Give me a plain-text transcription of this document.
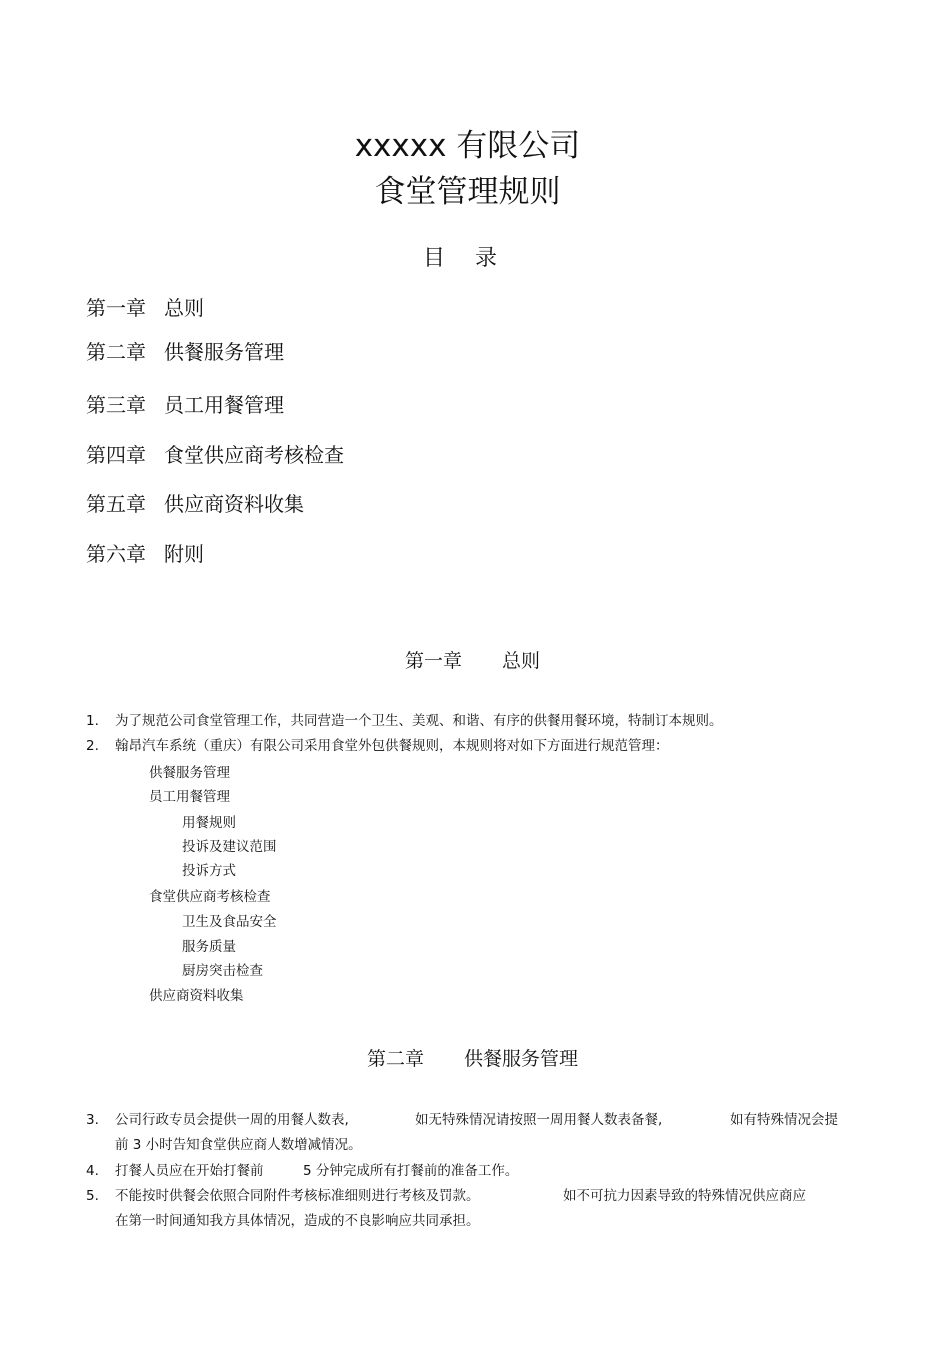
xxxxx 有限公司
食堂管理规则
目录
第一章 总则
第二章 供餐服务管理
第三章 员工用餐管理
第四章 食堂供应商考核检查
第五章 供应商资料收集
第六章 附则
第一章 总则
1. 为了规范公司食堂管理工作，共同营造一个卫生、美观、和谐、有序的供餐用餐环境，特制订本规则。
2. 翰昂汽车系统（重庆）有限公司采用食堂外包供餐规则，本规则将对如下方面进行规范管理：
供餐服务管理
员工用餐管理
用餐规则
投诉及建议范围
投诉方式
食堂供应商考核检查
卫生及食品安全
服务质量
厨房突击检查
供应商资料收集
第二章 供餐服务管理
3. 公司行政专员会提供一周的用餐人数表,	如无特殊情况请按照一周用餐人数表备餐,	如有特殊情况会提
前 3 小时告知食堂供应商人数增减情况。
4. 打餐人员应在开始打餐前	5 分钟完成所有打餐前的准备工作。
5. 不能按时供餐会依照合同附件考核标准细则进行考核及罚款。	如不可抗力因素导致的特殊情况供应商应
在第一时间通知我方具体情况，造成的不良影响应共同承担。
